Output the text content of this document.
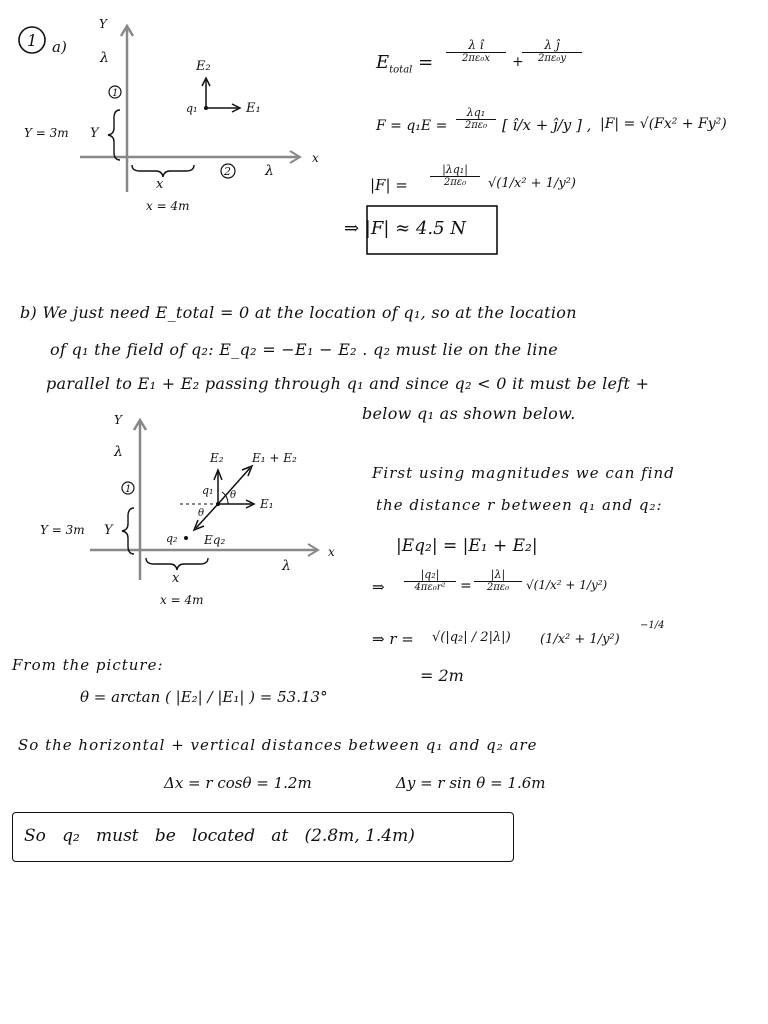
1 a)
Y
x
λ
λ
1
2
Y
Y = 3m
x
x = 4m
q₁
E₂
E₁
$E_{total}$ =
λ î
2πε₀x	+
λ ĵ
2πε₀y
F = q₁E =
λq₁
2πε₀ [ î/x + ĵ/y ] , |F| = √(Fx² + Fy²)
|F| =
|λq₁|
2πε₀	√(1/x² + 1/y²)
⇒ |F| ≈ 4.5 N
b) We just need E_total = 0 at the location of q₁, so at the location
of q₁ the field of q₂: E_q₂ = −E₁ − E₂ . q₂ must lie on the line
parallel to E₁ + E₂ passing through q₁ and since q₂ < 0 it must be left +
below q₁ as shown below.
Y
x
λ
λ
1
Y
Y = 3m
x
x = 4m
q₁ θ
θ
q₂
E₂ E₁ + E₂
E₁
Eq₂
First using magnitudes we can find
the distance r between q₁ and q₂:
|Eq₂| = |E₁ + E₂|
⇒
|q₂|
4πε₀r²	=
|λ|
2πε₀	√(1/x² + 1/y²)
⇒ r = √(|q₂| / 2|λ|) (1/x² + 1/y²)
−1/4
= 2m
From the picture:
θ = arctan ( |E₂| / |E₁| ) = 53.13°
So the horizontal + vertical distances between q₁ and q₂ are
Δx = r cosθ = 1.2m	Δy = r sin θ = 1.6m
So   q₂   must   be   located   at   (2.8m, 1.4m)
